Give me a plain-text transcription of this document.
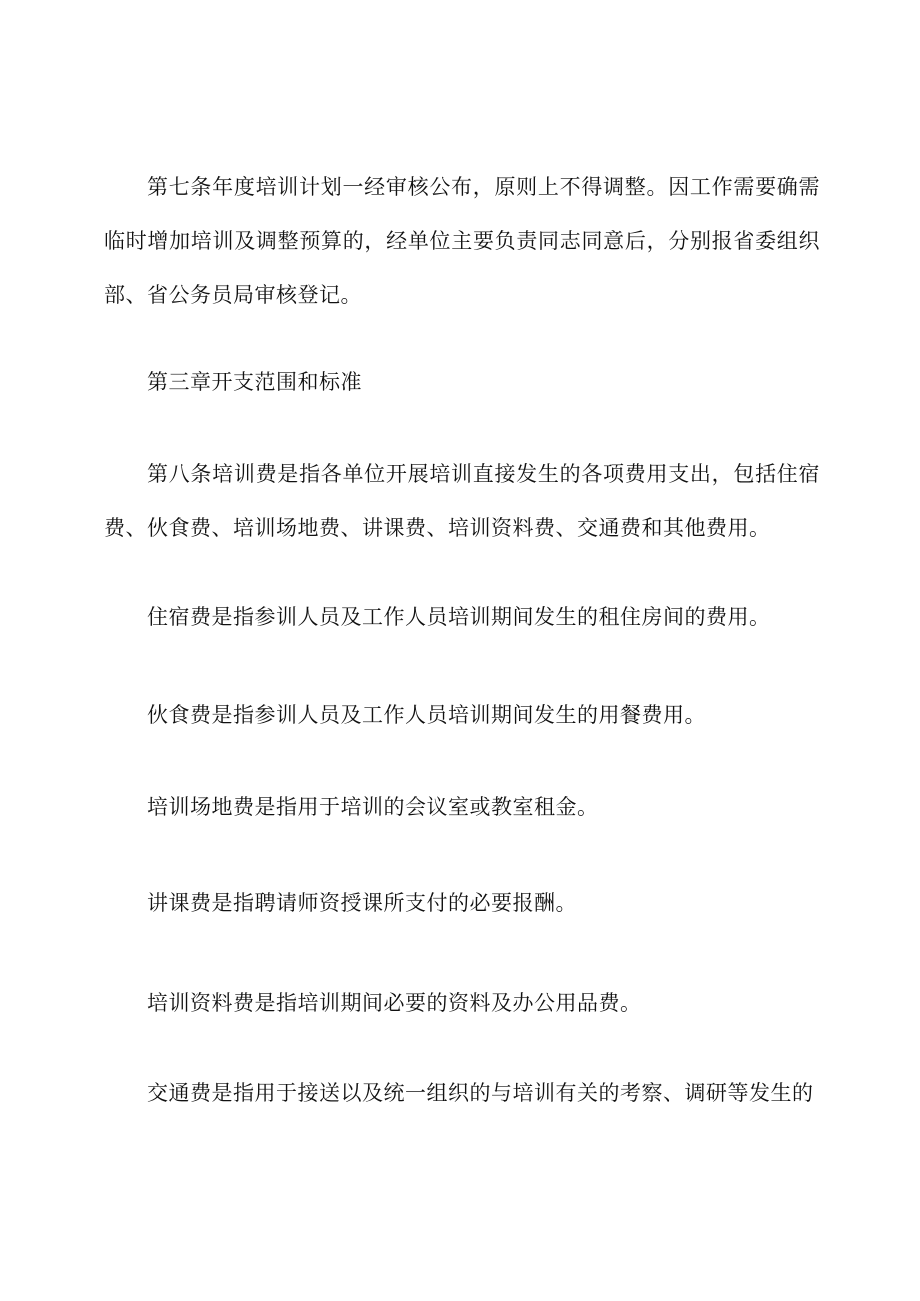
第七条年度培训计划一经审核公布，原则上不得调整。因工作需要确需临时增加培训及调整预算的，经单位主要负责同志同意后，分别报省委组织部、省公务员局审核登记。

第三章开支范围和标准

第八条培训费是指各单位开展培训直接发生的各项费用支出，包括住宿费、伙食费、培训场地费、讲课费、培训资料费、交通费和其他费用。

住宿费是指参训人员及工作人员培训期间发生的租住房间的费用。

伙食费是指参训人员及工作人员培训期间发生的用餐费用。

培训场地费是指用于培训的会议室或教室租金。

讲课费是指聘请师资授课所支付的必要报酬。

培训资料费是指培训期间必要的资料及办公用品费。

交通费是指用于接送以及统一组织的与培训有关的考察、调研等发生的
